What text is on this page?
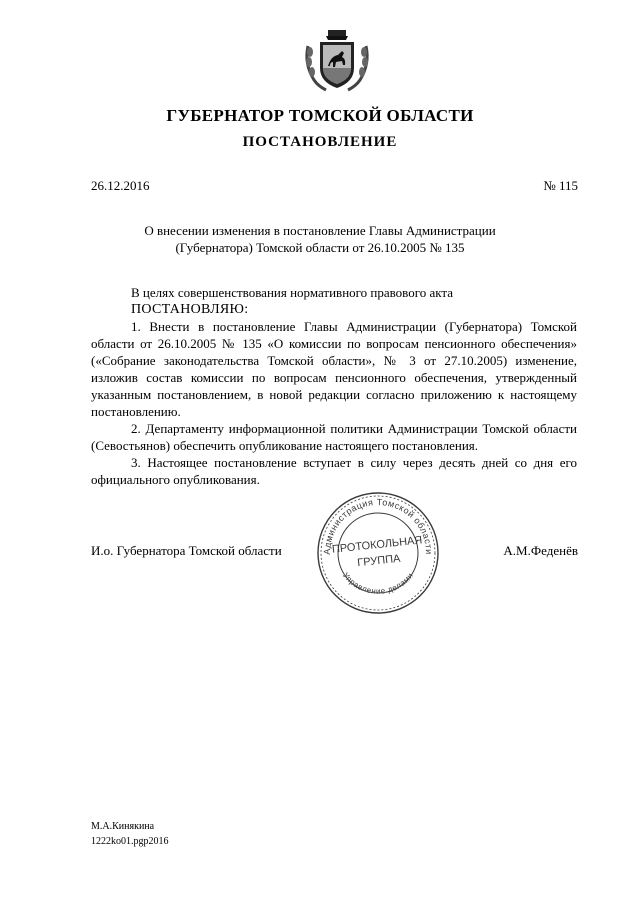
ГУБЕРНАТОР ТОМСКОЙ ОБЛАСТИ
ПОСТАНОВЛЕНИЕ
26.12.2016	№ 115
О внесении изменения в постановление Главы Администрации
(Губернатора) Томской области от 26.10.2005 № 135

В целях совершенствования нормативного правового акта

ПОСТАНОВЛЯЮ:

1. Внести в постановление Главы Администрации (Губернатора) Томской области от 26.10.2005 № 135 «О комиссии по вопросам пенсионного обеспечения» («Собрание законодательства Томской области», № 3 от 27.10.2005) изменение, изложив состав комиссии по вопросам пенсионного обеспечения, утвержденный указанным постановлением, в новой редакции согласно приложению к настоящему постановлению.

2. Департаменту информационной политики Администрации Томской области (Севостьянов) обеспечить опубликование настоящего постановления.

3. Настоящее постановление вступает в силу через десять дней со дня его официального опубликования.

И.о. Губернатора Томской области	А.М.Феденёв
Администрация Томской области
Управление делами
ПРОТОКОЛЬНАЯ
ГРУППА
М.А.Кинякина
1222ko01.pgp2016
